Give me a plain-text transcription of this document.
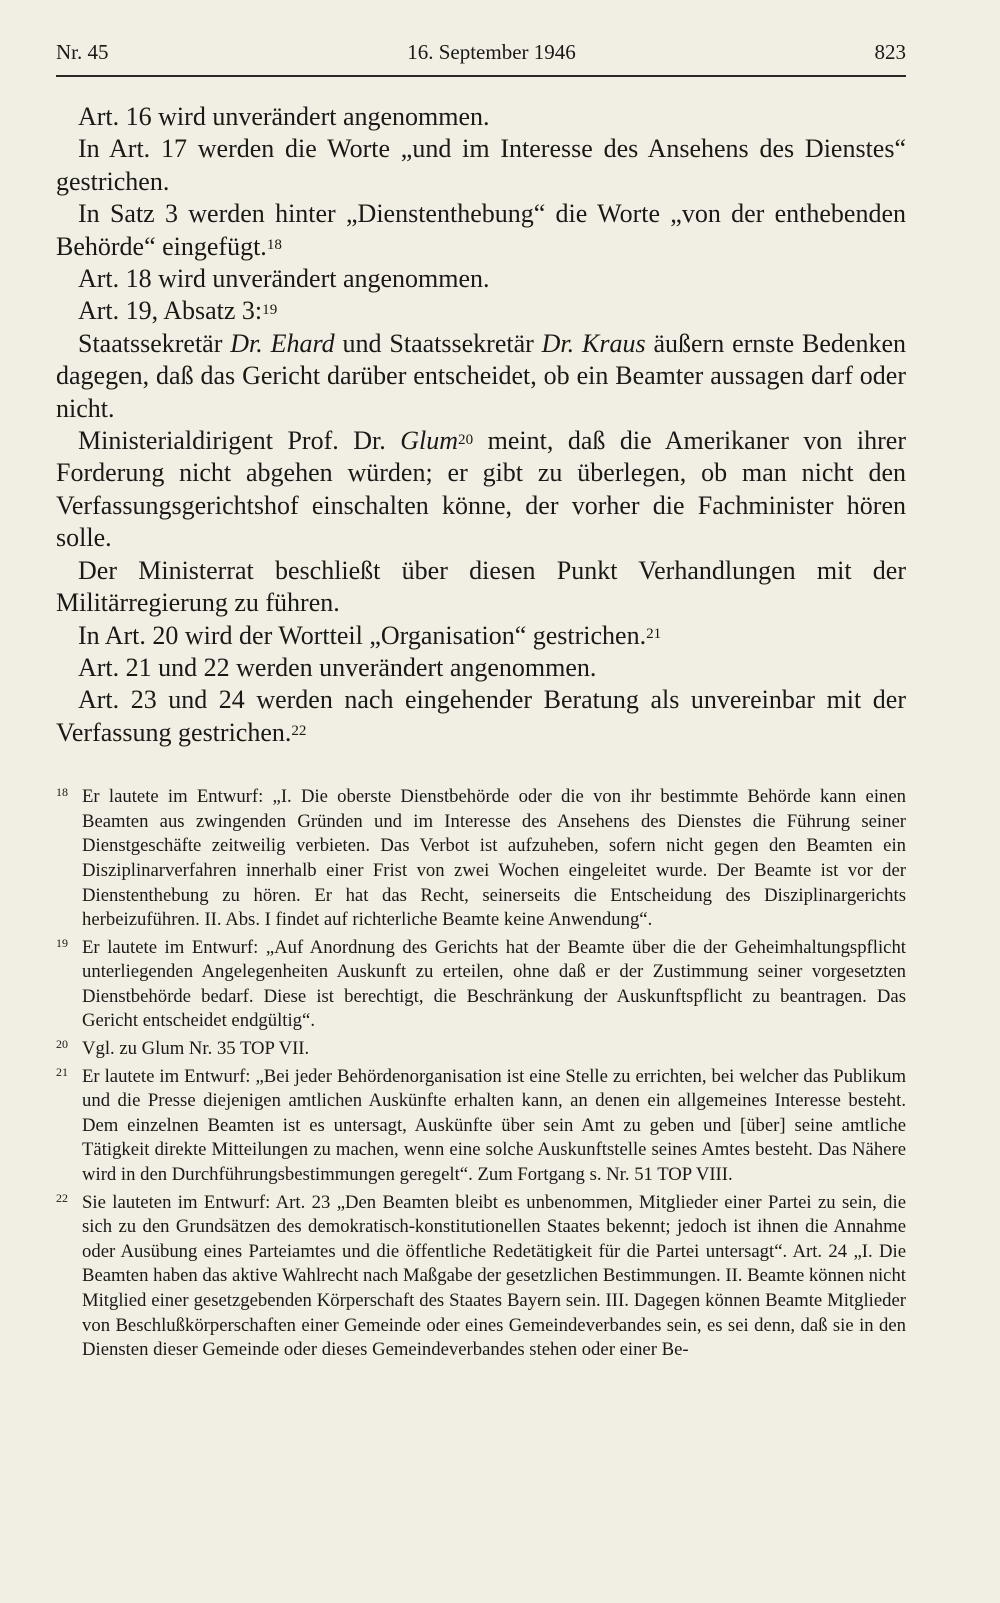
Nr. 45	16. September 1946	823

Art. 16 wird unverändert angenommen.

In Art. 17 werden die Worte „und im Interesse des Ansehens des Dienstes“ gestrichen.

In Satz 3 werden hinter „Dienstenthebung“ die Worte „von der enthebenden Behörde“ eingefügt.$^{18}$

Art. 18 wird unverändert angenommen.

Art. 19, Absatz 3:$^{19}$

Staatssekretär Dr. Ehard und Staatssekretär Dr. Kraus äußern ernste Bedenken dagegen, daß das Gericht darüber entscheidet, ob ein Beamter aussagen darf oder nicht.

Ministerialdirigent Prof. Dr. Glum$^{20}$ meint, daß die Amerikaner von ihrer Forderung nicht abgehen würden; er gibt zu überlegen, ob man nicht den Verfassungsgerichtshof einschalten könne, der vorher die Fachminister hören solle.

Der Ministerrat beschließt über diesen Punkt Verhandlungen mit der Militärregierung zu führen.

In Art. 20 wird der Wortteil „Organisation“ gestrichen.$^{21}$

Art. 21 und 22 werden unverändert angenommen.

Art. 23 und 24 werden nach eingehender Beratung als unvereinbar mit der Verfassung gestrichen.$^{22}$

18 Er lautete im Entwurf: „I. Die oberste Dienstbehörde oder die von ihr bestimmte Behörde kann einen Beamten aus zwingenden Gründen und im Interesse des Ansehens des Dienstes die Führung seiner Dienstgeschäfte zeitweilig verbieten. Das Verbot ist aufzuheben, sofern nicht gegen den Beamten ein Disziplinarverfahren innerhalb einer Frist von zwei Wochen eingeleitet wurde. Der Beamte ist vor der Dienstenthebung zu hören. Er hat das Recht, seinerseits die Entscheidung des Disziplinargerichts herbeizuführen. II. Abs. I findet auf richterliche Beamte keine Anwendung“.
19 Er lautete im Entwurf: „Auf Anordnung des Gerichts hat der Beamte über die der Geheimhaltungspflicht unterliegenden Angelegenheiten Auskunft zu erteilen, ohne daß er der Zustimmung seiner vorgesetzten Dienstbehörde bedarf. Diese ist berechtigt, die Beschränkung der Auskunftspflicht zu beantragen. Das Gericht entscheidet endgültig“.
20 Vgl. zu Glum Nr. 35 TOP VII.
21 Er lautete im Entwurf: „Bei jeder Behördenorganisation ist eine Stelle zu errichten, bei welcher das Publikum und die Presse diejenigen amtlichen Auskünfte erhalten kann, an denen ein allgemeines Interesse besteht. Dem einzelnen Beamten ist es untersagt, Auskünfte über sein Amt zu geben und [über] seine amtliche Tätigkeit direkte Mitteilungen zu machen, wenn eine solche Auskunftstelle seines Amtes besteht. Das Nähere wird in den Durchführungsbestimmungen geregelt“. Zum Fortgang s. Nr. 51 TOP VIII.
22 Sie lauteten im Entwurf: Art. 23 „Den Beamten bleibt es unbenommen, Mitglieder einer Partei zu sein, die sich zu den Grundsätzen des demokratisch-konstitutionellen Staates bekennt; jedoch ist ihnen die Annahme oder Ausübung eines Parteiamtes und die öffentliche Redetätigkeit für die Partei untersagt“. Art. 24 „I. Die Beamten haben das aktive Wahlrecht nach Maßgabe der gesetzlichen Bestimmungen. II. Beamte können nicht Mitglied einer gesetzgebenden Körperschaft des Staates Bayern sein. III. Dagegen können Beamte Mitglieder von Beschlußkörperschaften einer Gemeinde oder eines Gemeindeverbandes sein, es sei denn, daß sie in den Diensten dieser Gemeinde oder dieses Gemeindeverbandes stehen oder einer Be-
